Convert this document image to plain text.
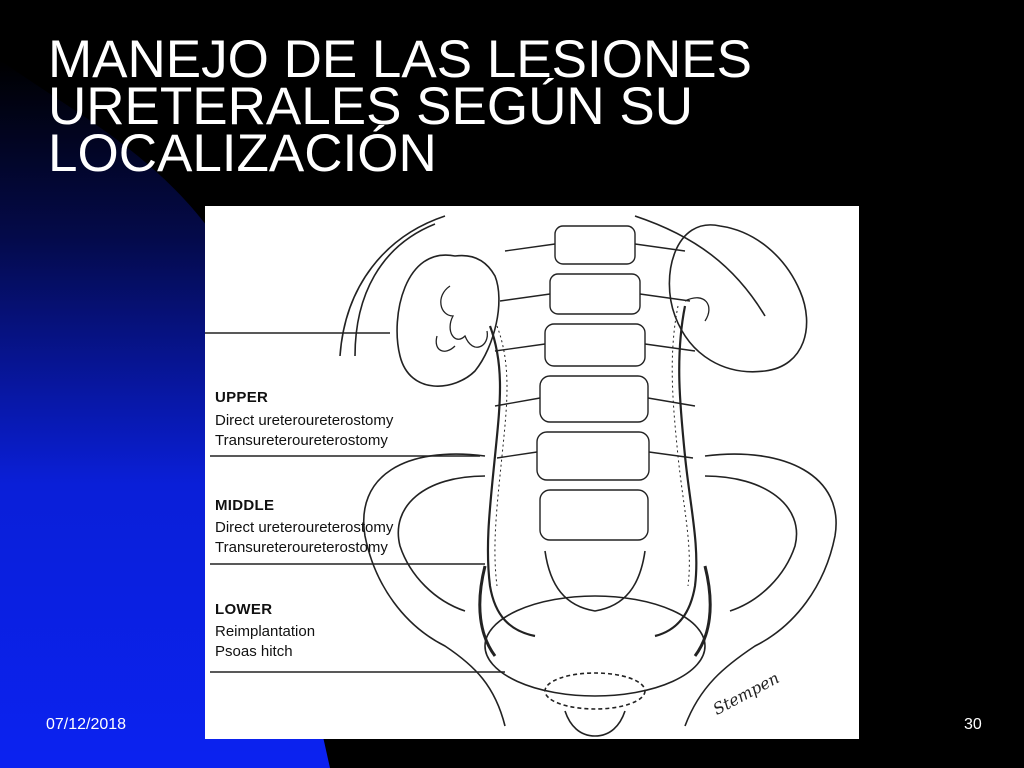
MANEJO DE LAS LESIONES
URETERALES SEGÚN SU
LOCALIZACIÓN
UPPER
Direct ureteroureterostomy
Transureteroureterostomy
MIDDLE
Direct ureteroureterostomy
Transureteroureterostomy
LOWER
Reimplantation
Psoas hitch
Stempen
07/12/2018	30
